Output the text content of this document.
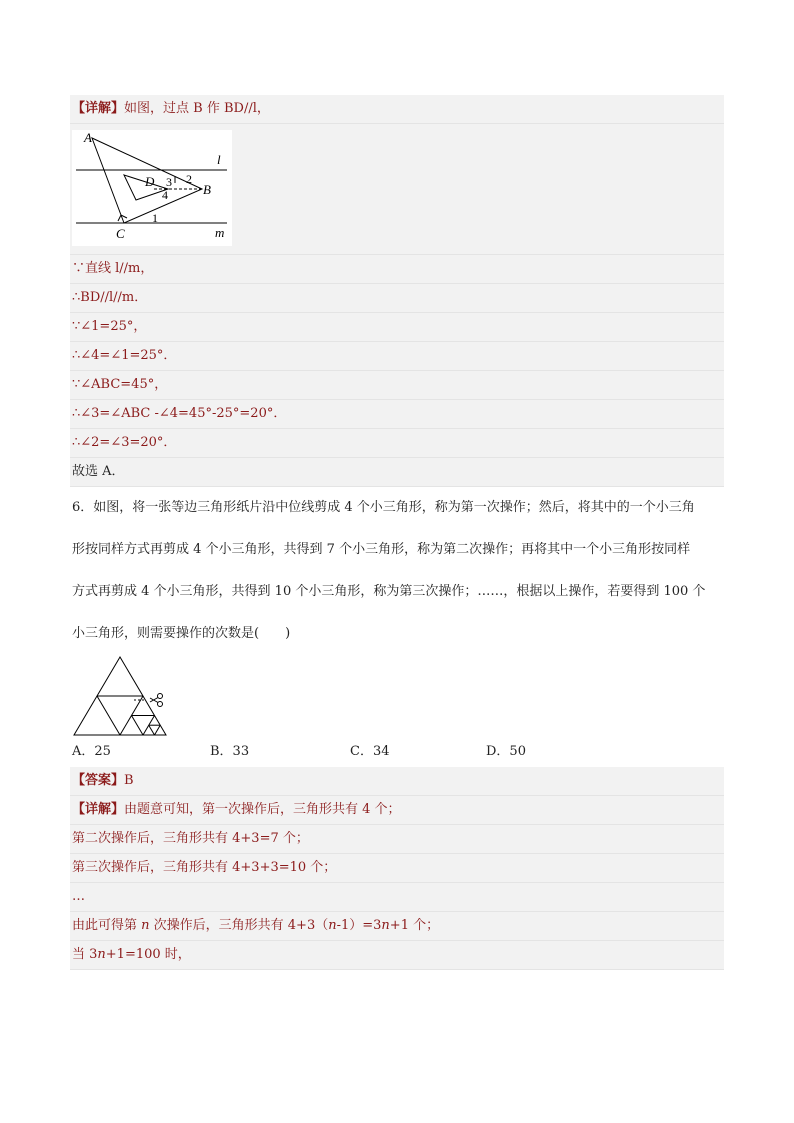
【详解】如图，过点 B 作 BD//l，
A
D
B
C
l
m
3 2
4
1
∵直线 l//m，
∴BD//l//m．
∵∠1=25°，
∴∠4=∠1=25°．
∵∠ABC=45°，
∴∠3=∠ABC -∠4=45°-25°=20°．
∴∠2=∠3=20°．
故选 A．
6．如图，将一张等边三角形纸片沿中位线剪成 4 个小三角形，称为第一次操作；然后，将其中的一个小三角
形按同样方式再剪成 4 个小三角形，共得到 7 个小三角形，称为第二次操作；再将其中一个小三角形按同样
方式再剪成 4 个小三角形，共得到 10 个小三角形，称为第三次操作；……，根据以上操作，若要得到 100 个
小三角形，则需要操作的次数是(　　)
A．25	B．33	C．34	D．50
【答案】B
【详解】由题意可知，第一次操作后，三角形共有 4 个；
第二次操作后，三角形共有 4+3=7 个；
第三次操作后，三角形共有 4+3+3=10 个；
…
由此可得第 n 次操作后，三角形共有 4+3（n-1）=3n+1 个；
当 3n+1=100 时，
